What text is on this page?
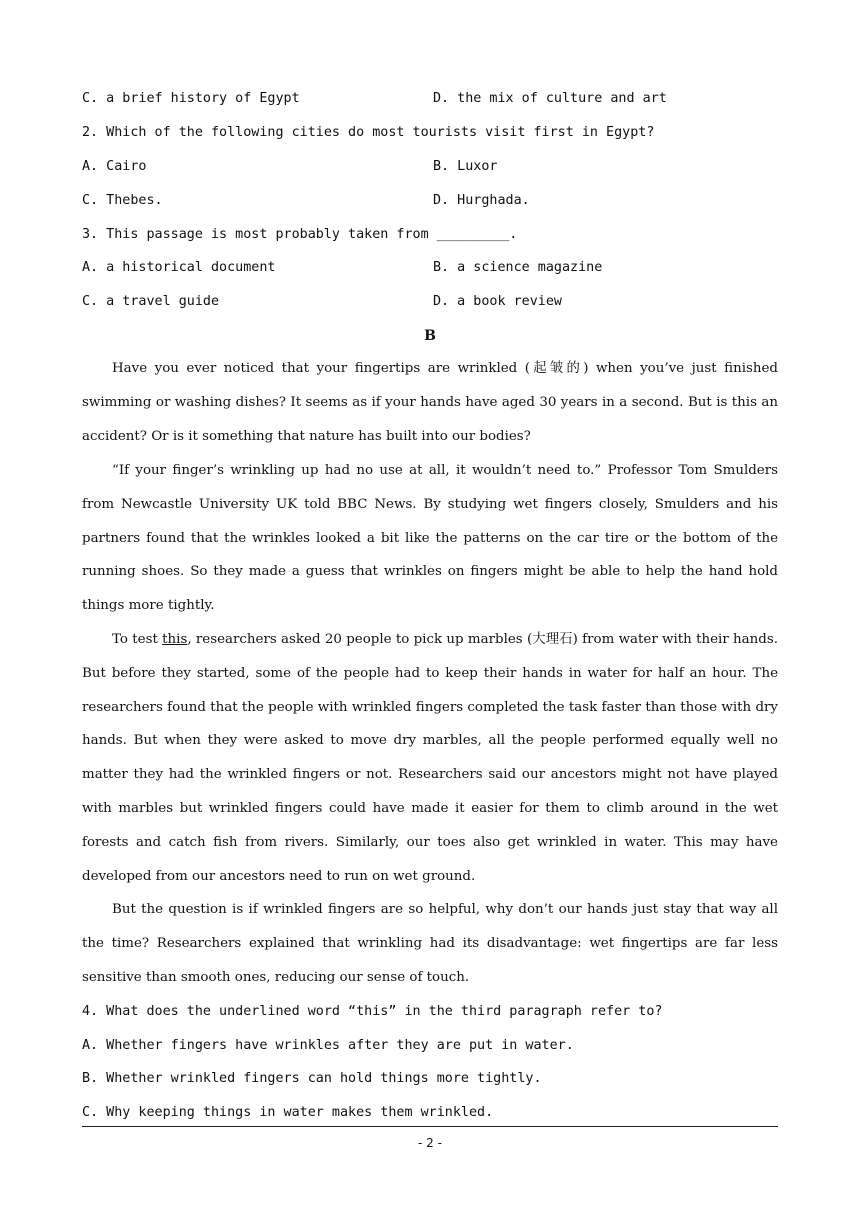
C. a brief history of Egypt	D. the mix of culture and art
2. Which of the following cities do most tourists visit first in Egypt?
A. Cairo	B. Luxor
C. Thebes.	D. Hurghada.
3. This passage is most probably taken from _________.
A. a historical document	B. a science magazine
C. a travel guide	D. a book review
B

Have you ever noticed that your fingertips are wrinkled (起皱的) when you’ve just finished swimming or washing dishes? It seems as if your hands have aged 30 years in a second. But is this an accident? Or is it something that nature has built into our bodies?

“If your finger’s wrinkling up had no use at all, it wouldn’t need to.” Professor Tom Smulders from Newcastle University UK told BBC News. By studying wet fingers closely, Smulders and his partners found that the wrinkles looked a bit like the patterns on the car tire or the bottom of the running shoes. So they made a guess that wrinkles on fingers might be able to help the hand hold things more tightly.

To test this, researchers asked 20 people to pick up marbles (大理石) from water with their hands. But before they started, some of the people had to keep their hands in water for half an hour. The researchers found that the people with wrinkled fingers completed the task faster than those with dry hands. But when they were asked to move dry marbles, all the people performed equally well no matter they had the wrinkled fingers or not. Researchers said our ancestors might not have played with marbles but wrinkled fingers could have made it easier for them to climb around in the wet forests and catch fish from rivers. Similarly, our toes also get wrinkled in water. This may have developed from our ancestors need to run on wet ground.

But the question is if wrinkled fingers are so helpful, why don’t our hands just stay that way all the time? Researchers explained that wrinkling had its disadvantage: wet fingertips are far less sensitive than smooth ones, reducing our sense of touch.

4. What does the underlined word “this” in the third paragraph refer to?
A. Whether fingers have wrinkles after they are put in water.
B. Whether wrinkled fingers can hold things more tightly.
C. Why keeping things in water makes them wrinkled.
- 2 -
